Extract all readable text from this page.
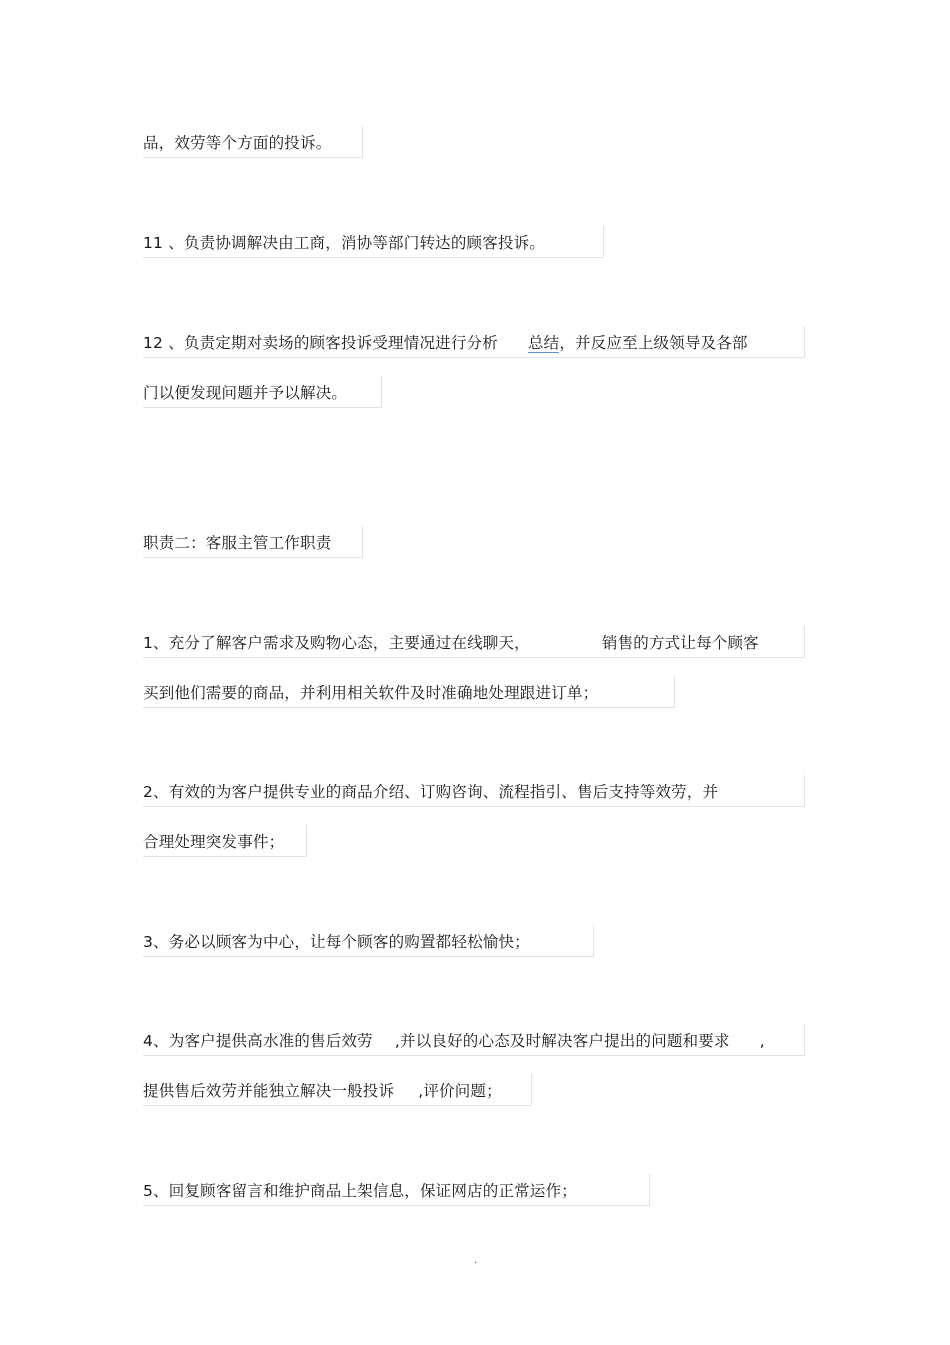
品，效劳等个方面的投诉。
11 、负责协调解决由工商，消协等部门转达的顾客投诉。
12 、负责定期对卖场的顾客投诉受理情况进行分析 总结，并反应至上级领导及各部
门以便发现问题并予以解决。
职责二：客服主管工作职责
1、充分了解客户需求及购物心态，主要通过在线聊天，	销售的方式让每个顾客
买到他们需要的商品，并利用相关软件及时准确地处理跟进订单；
2、有效的为客户提供专业的商品介绍、订购咨询、流程指引、售后支持等效劳，并
合理处理突发事件；
3、务必以顾客为中心，让每个顾客的购置都轻松愉快；
4、为客户提供高水准的售后效劳 ,并以良好的心态及时解决客户提出的问题和要求 ,
提供售后效劳并能独立解决一般投诉 ,评价问题；
5、回复顾客留言和维护商品上架信息，保证网店的正常运作；
.
